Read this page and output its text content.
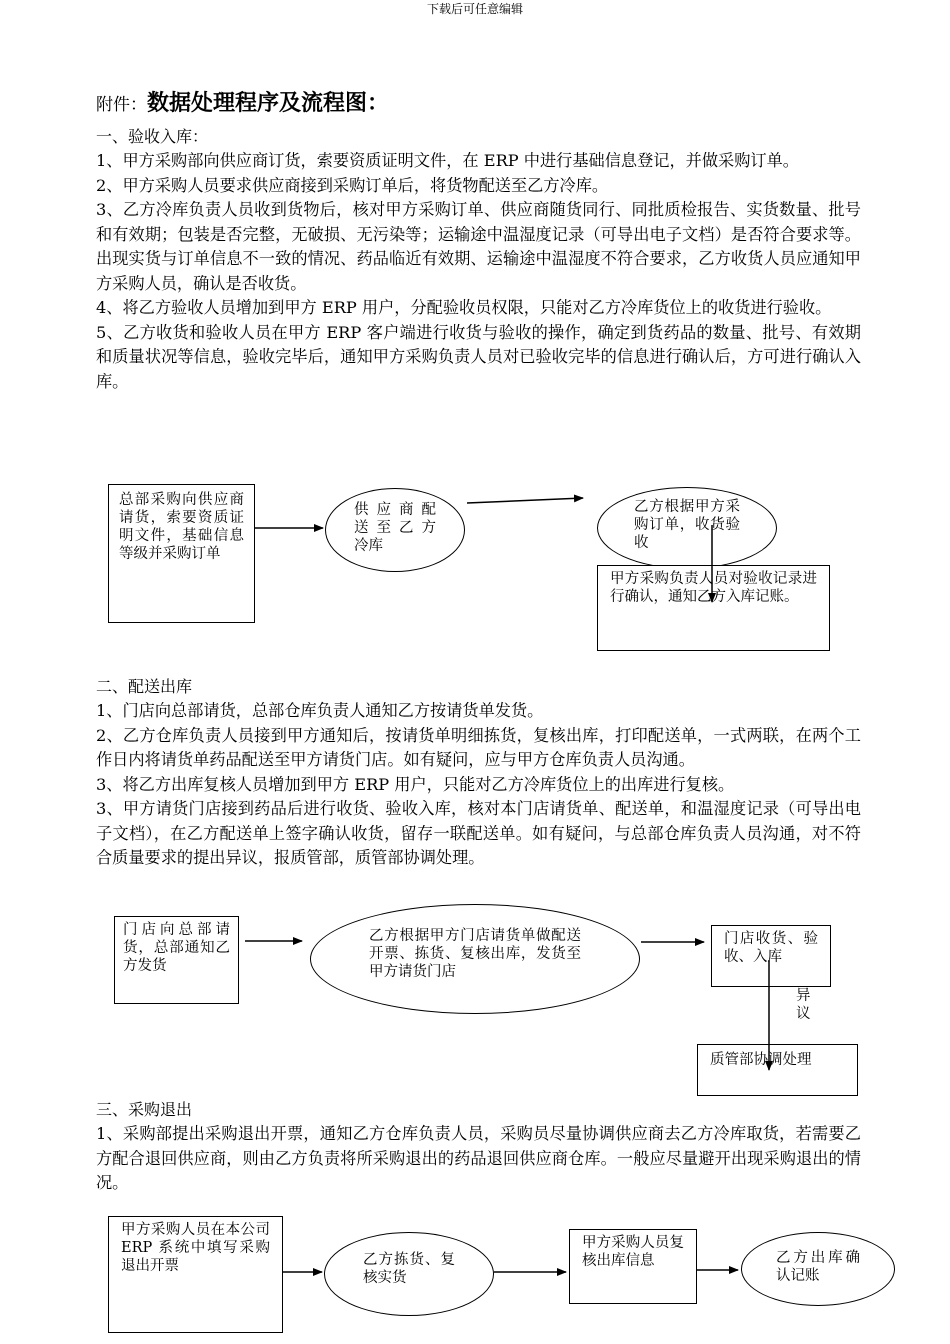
下载后可任意编辑
附件：数据处理程序及流程图：
一、验收入库：
1、甲方采购部向供应商订货，索要资质证明文件，在 ERP 中进行基础信息登记，并做采购订单。
2、甲方采购人员要求供应商接到采购订单后，将货物配送至乙方冷库。
3、乙方冷库负责人员收到货物后，核对甲方采购订单、供应商随货同行、同批质检报告、实货数量、批号和有效期；包装是否完整，无破损、无污染等；运输途中温湿度记录（可导出电子文档）是否符合要求等。出现实货与订单信息不一致的情况、药品临近有效期、运输途中温湿度不符合要求，乙方收货人员应通知甲方采购人员，确认是否收货。
4、将乙方验收人员增加到甲方 ERP 用户，分配验收员权限，只能对乙方冷库货位上的收货进行验收。
5、乙方收货和验收人员在甲方 ERP 客户端进行收货与验收的操作，确定到货药品的数量、批号、有效期和质量状况等信息，验收完毕后，通知甲方采购负责人员对已验收完毕的信息进行确认后，方可进行确认入库。
总部采购向供应商请货，索要资质证明文件，基础信息等级并采购订单
供 应 商 配 送 至 乙 方 冷库
乙方根据甲方采购订单，收货验收
甲方采购负责人员对验收记录进行确认，通知乙方入库记账。
二、配送出库
1、门店向总部请货，总部仓库负责人通知乙方按请货单发货。
2、乙方仓库负责人员接到甲方通知后，按请货单明细拣货，复核出库，打印配送单，一式两联，在两个工作日内将请货单药品配送至甲方请货门店。如有疑问，应与甲方仓库负责人员沟通。
3、将乙方出库复核人员增加到甲方 ERP 用户，只能对乙方冷库货位上的出库进行复核。
3、甲方请货门店接到药品后进行收货、验收入库，核对本门店请货单、配送单，和温湿度记录（可导出电子文档），在乙方配送单上签字确认收货，留存一联配送单。如有疑问，与总部仓库负责人员沟通，对不符合质量要求的提出异议，报质管部，质管部协调处理。
门店向总部请货，总部通知乙方发货
乙方根据甲方门店请货单做配送开票、拣货、复核出库，发货至甲方请货门店
门店收货、验收、入库
异议
质管部协调处理
三、采购退出
1、采购部提出采购退出开票，通知乙方仓库负责人员，采购员尽量协调供应商去乙方冷库取货，若需要乙方配合退回供应商，则由乙方负责将所采购退出的药品退回供应商仓库。一般应尽量避开出现采购退出的情况。
甲方采购人员在本公司 ERP 系统中填写采购退出开票	乙方拣货、复核实货
甲方采购人员复核出库信息	乙方出库确认记账
